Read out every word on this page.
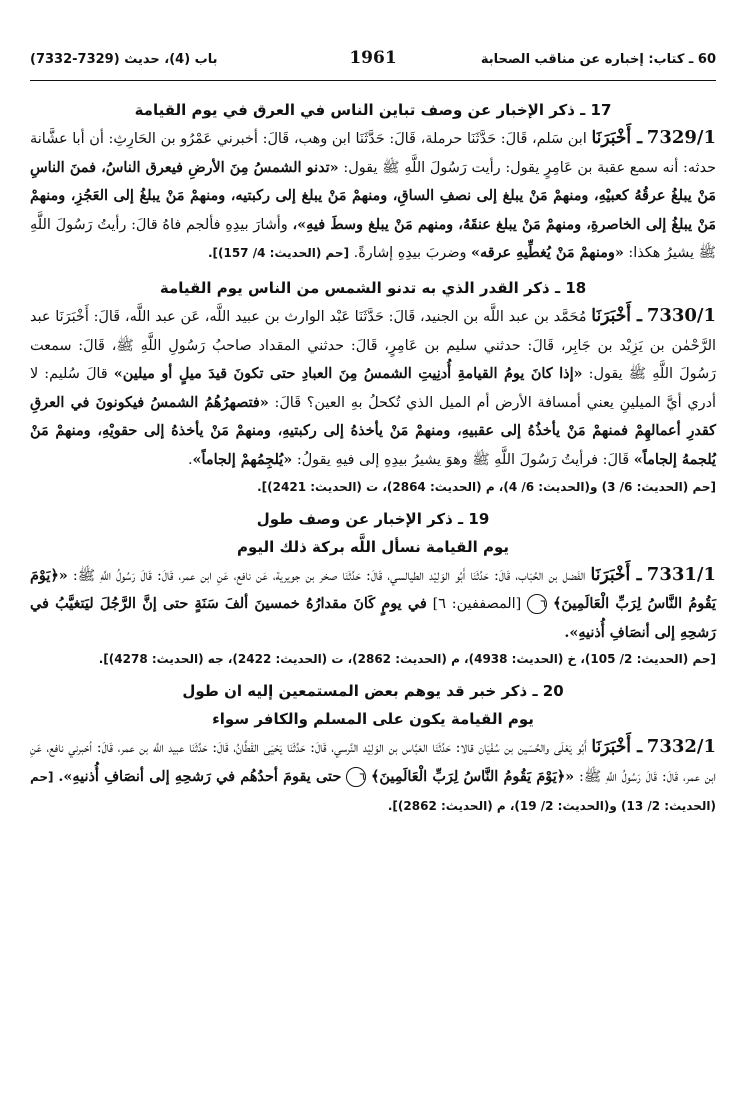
60 ـ كتاب: إخباره عن مناقب الصحابة
1961
باب (4)، حديث (7329-7332)

17 ـ ذكر الإخبار عن وصف تباين الناس في العرق في يوم القيامة

7329/1 ـ أَخْبَرَنَا ابن سَلم، قَالَ: حَدَّثَنَا حرملة، قَالَ: حَدَّثَنَا ابن وهب، قَالَ: أخبرني عَمْرُو بن الحَارِثِ: أن أبا عشَّانة حدثه: أنه سمع عقبة بن عَامِرٍ يقول: رأيت رَسُولَ اللَّهِ ﷺ يقول: «تدنو الشمسُ مِنَ الأرضِ فيعرق الناسُ، فمنَ الناسِ مَنْ يبلغُ عرقُهُ كعبيْهِ، ومنهمْ مَنْ يبلغ إلى نصفِ الساقِ، ومنهمْ مَنْ يبلغ إلى ركبتيه، ومنهمْ مَنْ يبلغُ إلى العَجُزِ، ومنهمْ مَنْ يبلغُ إلى الخاصرةِ، ومنهمْ مَنْ يبلغ عنقَهُ، ومنهم مَنْ يبلغ وسطَ فيهِ»، وأشارَ بيدِهِ فألجم فاهُ قالَ: رأيتُ رَسُولَ اللَّهِ ﷺ يشيرُ هكذا: «ومنهمْ مَنْ يُغطِّيهِ عرقه» وضربَ بيدِهِ إشارةً. [حم (الحديث: 4/ 157)].

18 ـ ذكر القدر الذي به تدنو الشمس من الناس يوم القيامة

7330/1 ـ أَخْبَرَنَا مُحَمَّد بن عبد اللَّه بن الجنيد، قَالَ: حَدَّثَنَا عَبْد الوارث بن عبيد اللَّه، عَن عبد اللَّه، قَالَ: أَخْبَرَنَا عبد الرَّحْمٰن بن يَزِيْد بن جَابِر، قَالَ: حدثني سليم بن عَامِرٍ، قَالَ: حدثني المقداد صاحبُ رَسُولِ اللَّهِ ﷺ، قَالَ: سمعت رَسُولَ اللَّهِ ﷺ يقول: «إذا كانَ يومُ القيامةِ أُدنِيتِ الشمسُ مِنَ العبادِ حتى تكونَ قيدَ ميلٍ أو ميلين» قالَ سُليم: لا أدري أيَّ الميلينِ يعني أمسافة الأرض أم الميل الذي تُكحلُ بهِ العين؟ قَالَ: «فتصهرُهُمُ الشمسُ فيكونونَ في العرقِ كقدرِ أعمالهِمْ فمنهمْ مَنْ يأخذُهُ إلى عقبيهِ، ومنهمْ مَنْ يأخذهُ إلى ركبتيهِ، ومنهمْ مَنْ يأخذهُ إلى حقويْهِ، ومنهمْ مَنْ يُلجمهُ إلجاماً» قَالَ: فرأيتُ رَسُولَ اللَّهِ ﷺ وهوَ يشيرُ بيدِهِ إلى فيهِ يقولُ: «يُلجِمُهمْ إلجاماً».

[حم (الحديث: 6/ 3) و(الحديث: 6/ 4)، م (الحديث: 2864)، ت (الحديث: 2421)].

19 ـ ذكر الإخبار عن وصف طول

يوم القيامة نسأل اللَّه بركة ذلك اليوم

7331/1 ـ أَخْبَرَنَا الفَضل بن الحُبَاب، قَالَ: حَدَّثَنَا أَبُو الوَلِيْد الطيالسي، قَالَ: حَدَّثَنَا صخر بن جويرية، عَن نافع، عَنِ ابن عمر، قَالَ: قَالَ رَسُولُ اللَّهِ ﷺ: «﴿يَوْمَ يَقُومُ النَّاسُ لِرَبِّ الْعَالَمِينَ﴾ ٦ [المصففين: ٦] في يومٍ كَانَ مقدارُهُ خمسينَ ألفَ سَنَةٍ حتى إنَّ الرَّجُلَ ليَتغيَّبُ في رَشحِهِ إلى أنصَافِ أُذنيهِ».

[حم (الحديث: 2/ 105)، خ (الحديث: 4938)، م (الحديث: 2862)، ت (الحديث: 2422)، جه (الحديث: 4278)].

20 ـ ذكر خبر قد يوهم بعض المستمعين إليه ان طول

يوم القيامة يكون على المسلم والكافر سواء

7332/1 ـ أَخْبَرَنَا أَبُو يَعْلَى والحُسَين بن سُفْيَان قالا: حَدَّثَنَا العَبَّاس بن الوَلِيْد النَّرسي، قَالَ: حَدَّثَنَا يَحْيَى القَطَّانُ، قَالَ: حَدَّثَنَا عبيد اللَّه بن عمر، قَالَ: أخبرني نافع، عَنِ ابن عمر، قَالَ: قَالَ رَسُولُ اللَّهِ ﷺ: «﴿يَوْمَ يَقُومُ النَّاسُ لِرَبِّ الْعَالَمِينَ﴾ ٦ حتى يقومَ أحدُهُم في رَشحِهِ إلى أنصَافِ أُذنيهِ». [حم (الحديث: 2/ 13) و(الحديث: 2/ 19)، م (الحديث: 2862)].
